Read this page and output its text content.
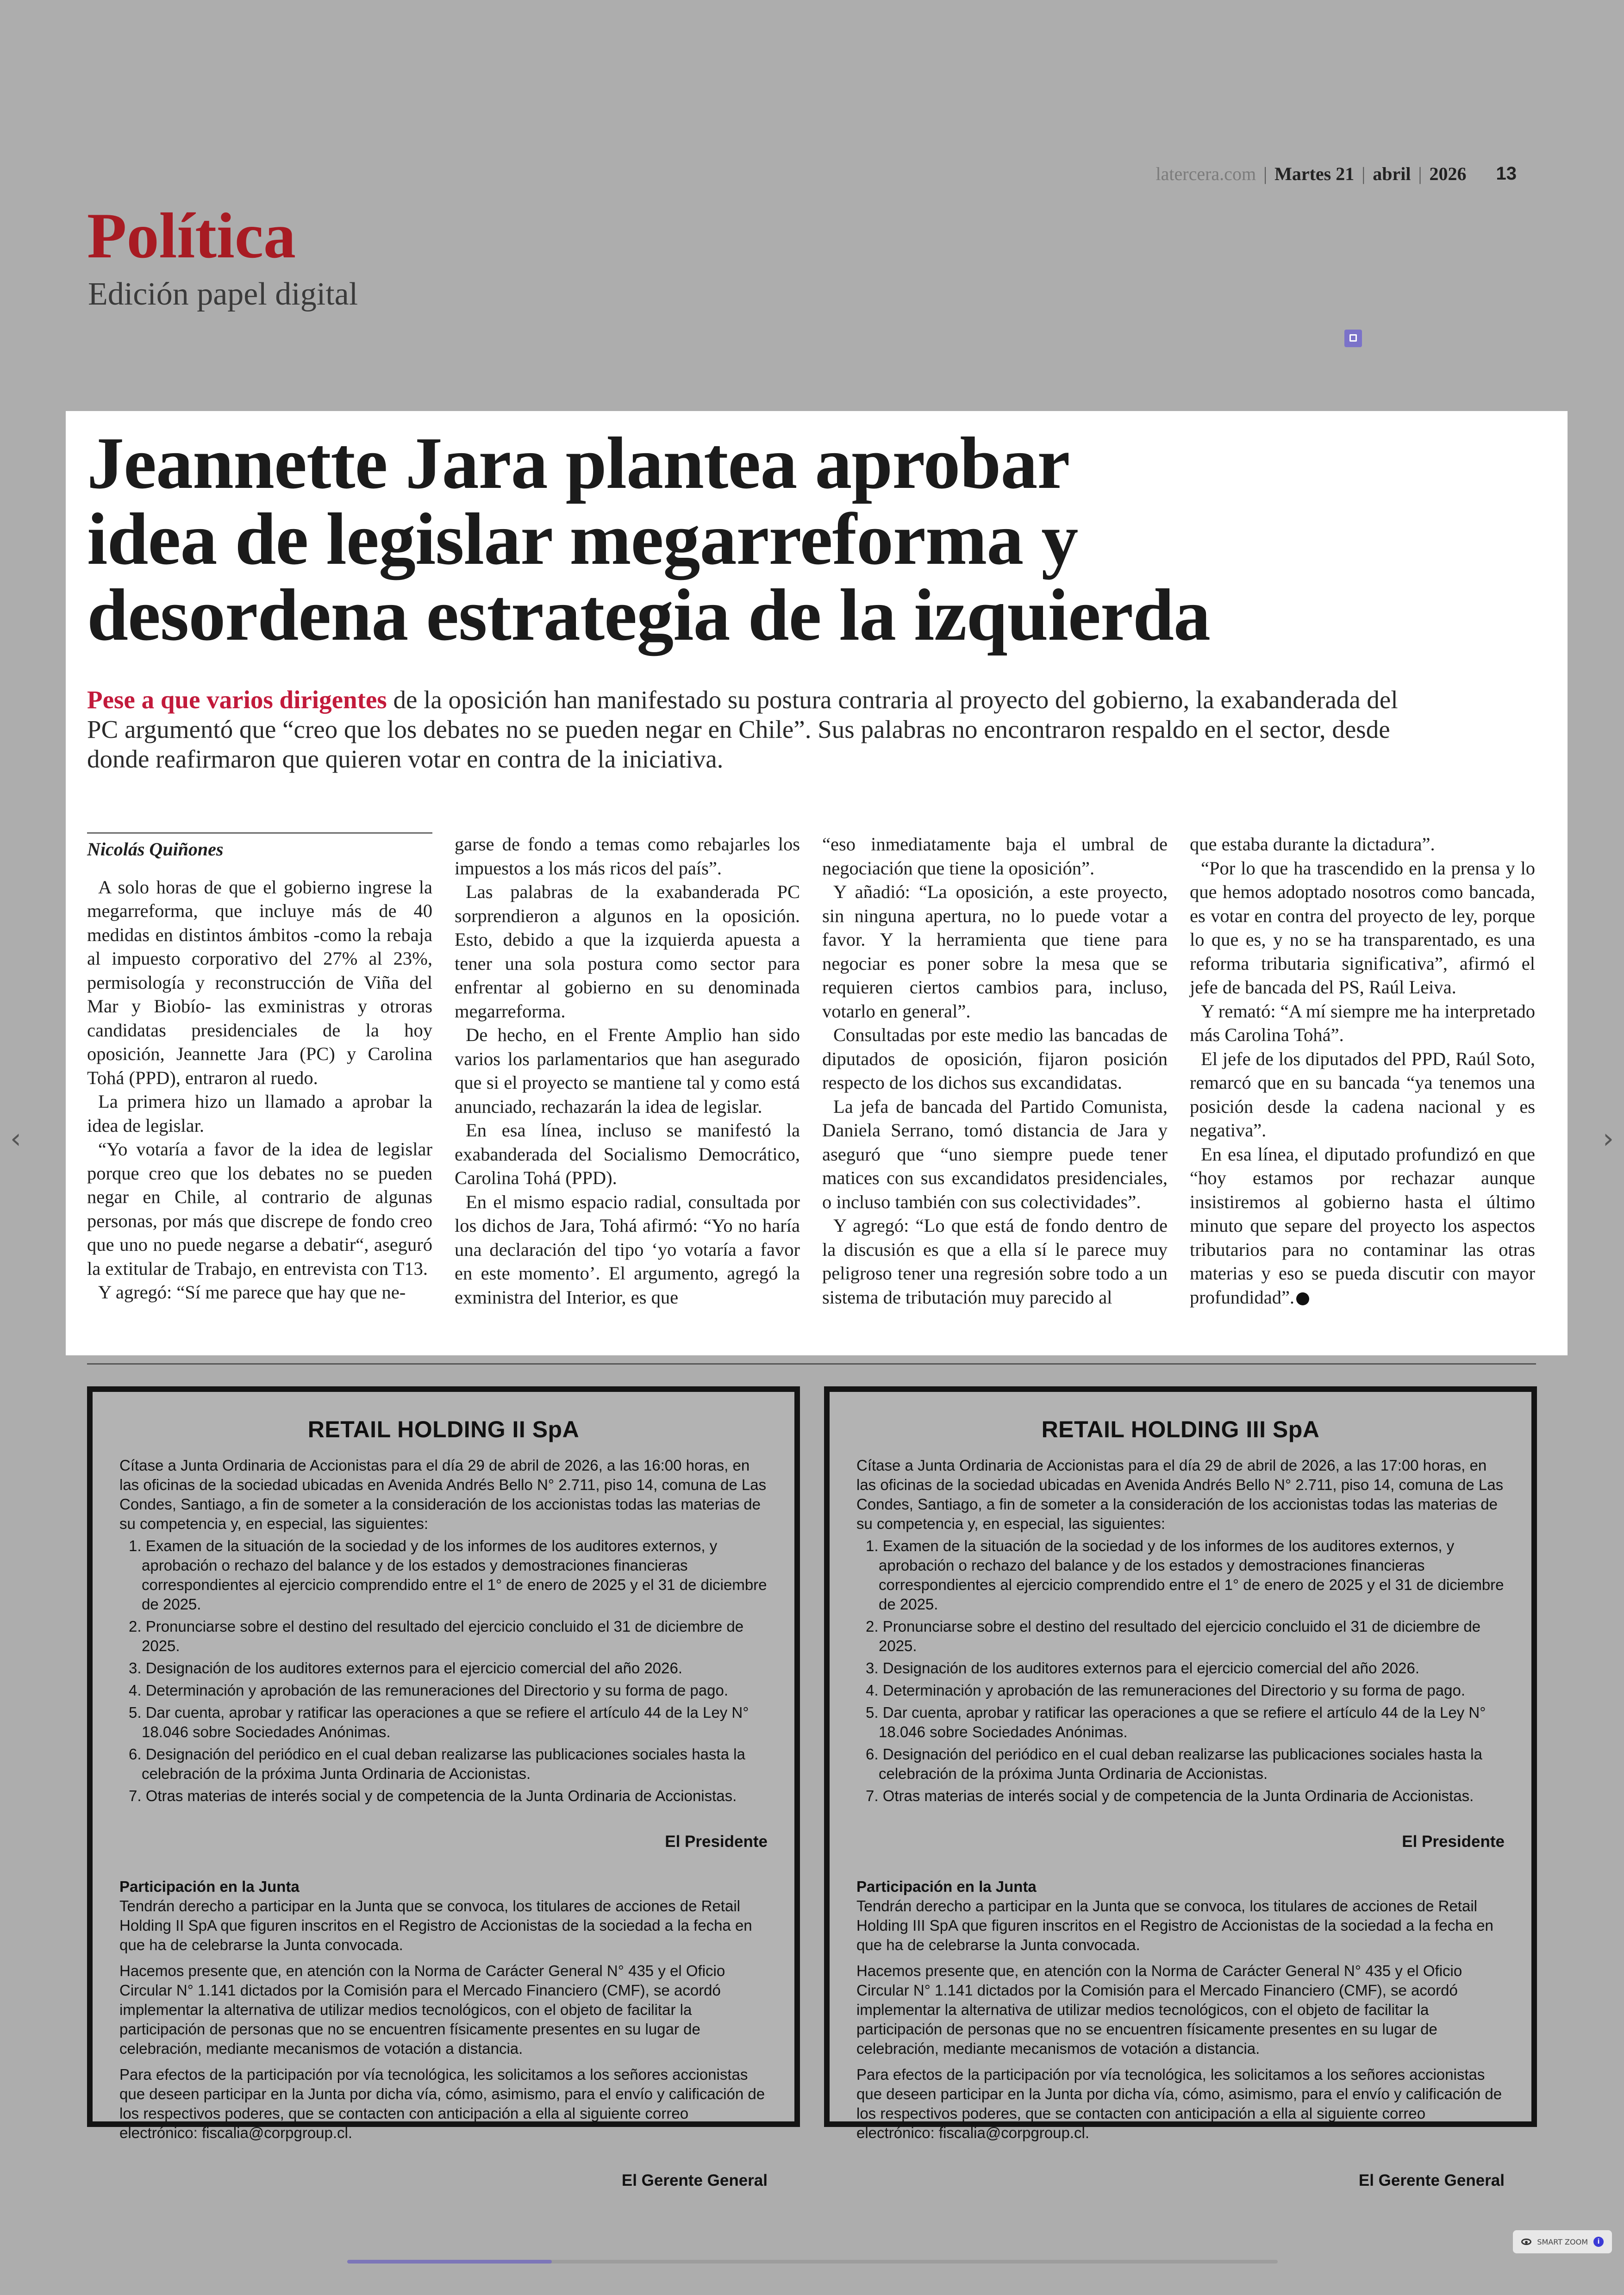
latercera.com | Martes 21 | abril | 2026 13
Política
Edición papel digital
Jeannette Jara plantea aprobar
idea de legislar megarreforma y
desordena estrategia de la izquierda
Pese a que varios dirigentes de la oposición han manifestado su postura contraria al proyecto del gobierno, la exabanderada del PC argumentó que “creo que los debates no se pueden negar en Chile”. Sus palabras no encontraron respaldo en el sector, desde donde reafirmaron que quieren votar en contra de la iniciativa.
Nicolás Quiñones

A solo horas de que el gobierno ingrese la megarreforma, que incluye más de 40 medidas en distintos ámbitos -como la rebaja al impuesto corporativo del 27% al 23%, permisología y reconstrucción de Viña del Mar y Biobío- las exministras y otroras candidatas presidenciales de la hoy oposición, Jeannette Jara (PC) y Carolina Tohá (PPD), entraron al ruedo.

La primera hizo un llamado a aprobar la idea de legislar.

“Yo votaría a favor de la idea de legislar porque creo que los debates no se pueden negar en Chile, al contrario de algunas personas, por más que discrepe de fondo creo que uno no puede negarse a debatir“, aseguró la extitular de Trabajo, en entrevista con T13.

Y agregó: “Sí me parece que hay que ne-

garse de fondo a temas como rebajarles los impuestos a los más ricos del país”.

Las palabras de la exabanderada PC sorprendieron a algunos en la oposición. Esto, debido a que la izquierda apuesta a tener una sola postura como sector para enfrentar al gobierno en su denominada megarreforma.

De hecho, en el Frente Amplio han sido varios los parlamentarios que han asegurado que si el proyecto se mantiene tal y como está anunciado, rechazarán la idea de legislar.

En esa línea, incluso se manifestó la exabanderada del Socialismo Democrático, Carolina Tohá (PPD).

En el mismo espacio radial, consultada por los dichos de Jara, Tohá afirmó: “Yo no haría una declaración del tipo ‘yo votaría a favor en este momento’. El argumento, agregó la exministra del Interior, es que

“eso inmediatamente baja el umbral de negociación que tiene la oposición”.

Y añadió: “La oposición, a este proyecto, sin ninguna apertura, no lo puede votar a favor. Y la herramienta que tiene para negociar es poner sobre la mesa que se requieren ciertos cambios para, incluso, votarlo en general”.

Consultadas por este medio las bancadas de diputados de oposición, fijaron posición respecto de los dichos sus excandidatas.

La jefa de bancada del Partido Comunista, Daniela Serrano, tomó distancia de Jara y aseguró que “uno siempre puede tener matices con sus excandidatos presidenciales, o incluso también con sus colectividades”.

Y agregó: “Lo que está de fondo dentro de la discusión es que a ella sí le parece muy peligroso tener una regresión sobre todo a un sistema de tributación muy parecido al

que estaba durante la dictadura”.

“Por lo que ha trascendido en la prensa y lo que hemos adoptado nosotros como bancada, es votar en contra del proyecto de ley, porque lo que es, y no se ha transparentado, es una reforma tributaria significativa”, afirmó el jefe de bancada del PS, Raúl Leiva.

Y remató: “A mí siempre me ha interpretado más Carolina Tohá”.

El jefe de los diputados del PPD, Raúl Soto, remarcó que en su bancada “ya tenemos una posición desde la cadena nacional y es negativa”.

En esa línea, el diputado profundizó en que “hoy estamos por rechazar aunque insistiremos al gobierno hasta el último minuto que separe del proyecto los aspectos tributarios para no contaminar las otras materias y eso se pueda discutir con mayor profundidad”.

RETAIL HOLDING II SpA

Cítase a Junta Ordinaria de Accionistas para el día 29 de abril de 2026, a las 16:00 horas, en las oficinas de la sociedad ubicadas en Avenida Andrés Bello N° 2.711, piso 14, comuna de Las Condes, Santiago, a fin de someter a la consideración de los accionistas todas las materias de su competencia y, en especial, las siguientes:

1. Examen de la situación de la sociedad y de los informes de los auditores externos, y aprobación o rechazo del balance y de los estados y demostraciones financieras correspondientes al ejercicio comprendido entre el 1° de enero de 2025 y el 31 de diciembre de 2025.
2. Pronunciarse sobre el destino del resultado del ejercicio concluido el 31 de diciembre de 2025.
3. Designación de los auditores externos para el ejercicio comercial del año 2026.
4. Determinación y aprobación de las remuneraciones del Directorio y su forma de pago.
5. Dar cuenta, aprobar y ratificar las operaciones a que se refiere el artículo 44 de la Ley N° 18.046 sobre Sociedades Anónimas.
6. Designación del periódico en el cual deban realizarse las publicaciones sociales hasta la celebración de la próxima Junta Ordinaria de Accionistas.
7. Otras materias de interés social y de competencia de la Junta Ordinaria de Accionistas.
El Presidente
Participación en la Junta

Tendrán derecho a participar en la Junta que se convoca, los titulares de acciones de Retail Holding II SpA que figuren inscritos en el Registro de Accionistas de la sociedad a la fecha en que ha de celebrarse la Junta convocada.

Hacemos presente que, en atención con la Norma de Carácter General N° 435 y el Oficio Circular N° 1.141 dictados por la Comisión para el Mercado Financiero (CMF), se acordó implementar la alternativa de utilizar medios tecnológicos, con el objeto de facilitar la participación de personas que no se encuentren físicamente presentes en su lugar de celebración, mediante mecanismos de votación a distancia.

Para efectos de la participación por vía tecnológica, les solicitamos a los señores accionistas que deseen participar en la Junta por dicha vía, cómo, asimismo, para el envío y calificación de los respectivos poderes, que se contacten con anticipación a ella al siguiente correo electrónico: fiscalia@corpgroup.cl.

El Gerente General
RETAIL HOLDING III SpA

Cítase a Junta Ordinaria de Accionistas para el día 29 de abril de 2026, a las 17:00 horas, en las oficinas de la sociedad ubicadas en Avenida Andrés Bello N° 2.711, piso 14, comuna de Las Condes, Santiago, a fin de someter a la consideración de los accionistas todas las materias de su competencia y, en especial, las siguientes:

1. Examen de la situación de la sociedad y de los informes de los auditores externos, y aprobación o rechazo del balance y de los estados y demostraciones financieras correspondientes al ejercicio comprendido entre el 1° de enero de 2025 y el 31 de diciembre de 2025.
2. Pronunciarse sobre el destino del resultado del ejercicio concluido el 31 de diciembre de 2025.
3. Designación de los auditores externos para el ejercicio comercial del año 2026.
4. Determinación y aprobación de las remuneraciones del Directorio y su forma de pago.
5. Dar cuenta, aprobar y ratificar las operaciones a que se refiere el artículo 44 de la Ley N° 18.046 sobre Sociedades Anónimas.
6. Designación del periódico en el cual deban realizarse las publicaciones sociales hasta la celebración de la próxima Junta Ordinaria de Accionistas.
7. Otras materias de interés social y de competencia de la Junta Ordinaria de Accionistas.
El Presidente
Participación en la Junta

Tendrán derecho a participar en la Junta que se convoca, los titulares de acciones de Retail Holding III SpA que figuren inscritos en el Registro de Accionistas de la sociedad a la fecha en que ha de celebrarse la Junta convocada.

Hacemos presente que, en atención con la Norma de Carácter General N° 435 y el Oficio Circular N° 1.141 dictados por la Comisión para el Mercado Financiero (CMF), se acordó implementar la alternativa de utilizar medios tecnológicos, con el objeto de facilitar la participación de personas que no se encuentren físicamente presentes en su lugar de celebración, mediante mecanismos de votación a distancia.

Para efectos de la participación por vía tecnológica, les solicitamos a los señores accionistas que deseen participar en la Junta por dicha vía, cómo, asimismo, para el envío y calificación de los respectivos poderes, que se contacten con anticipación a ella al siguiente correo electrónico: fiscalia@corpgroup.cl.

El Gerente General
‹	›
SMART ZOOM	i
